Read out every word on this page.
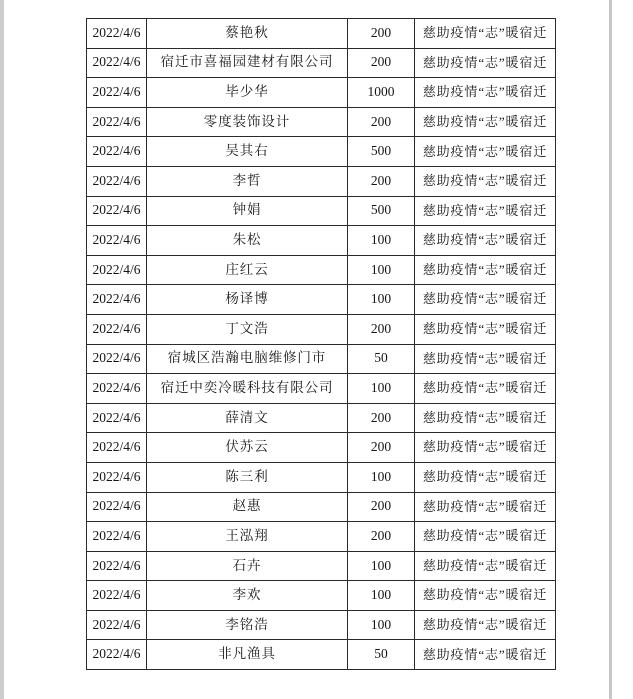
2022/4/6	蔡艳秋	200	慈助疫情“志”暖宿迁
2022/4/6	宿迁市喜福园建材有限公司	200	慈助疫情“志”暖宿迁
2022/4/6	毕少华	1000	慈助疫情“志”暖宿迁
2022/4/6	零度装饰设计	200	慈助疫情“志”暖宿迁
2022/4/6	吴其右	500	慈助疫情“志”暖宿迁
2022/4/6	李哲	200	慈助疫情“志”暖宿迁
2022/4/6	钟娟	500	慈助疫情“志”暖宿迁
2022/4/6	朱松	100	慈助疫情“志”暖宿迁
2022/4/6	庄红云	100	慈助疫情“志”暖宿迁
2022/4/6	杨译博	100	慈助疫情“志”暖宿迁
2022/4/6	丁文浩	200	慈助疫情“志”暖宿迁
2022/4/6	宿城区浩瀚电脑维修门市	50	慈助疫情“志”暖宿迁
2022/4/6	宿迁中奕冷暖科技有限公司	100	慈助疫情“志”暖宿迁
2022/4/6	薛清文	200	慈助疫情“志”暖宿迁
2022/4/6	伏苏云	200	慈助疫情“志”暖宿迁
2022/4/6	陈三利	100	慈助疫情“志”暖宿迁
2022/4/6	赵惠	200	慈助疫情“志”暖宿迁
2022/4/6	王泓翔	200	慈助疫情“志”暖宿迁
2022/4/6	石卉	100	慈助疫情“志”暖宿迁
2022/4/6	李欢	100	慈助疫情“志”暖宿迁
2022/4/6	李铭浩	100	慈助疫情“志”暖宿迁
2022/4/6	非凡渔具	50	慈助疫情“志”暖宿迁
